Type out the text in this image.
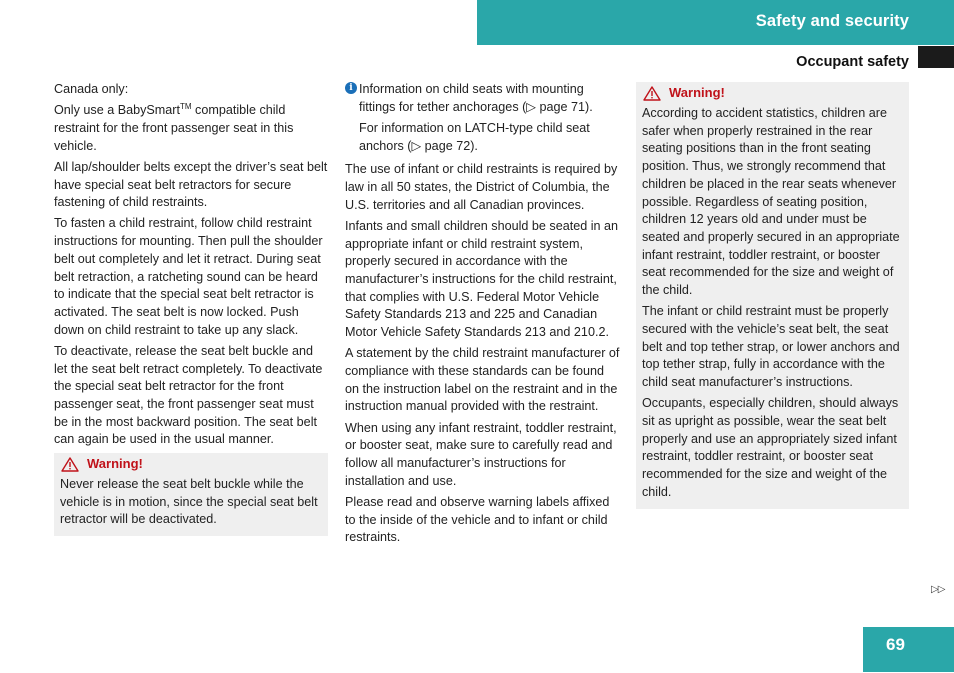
Safety and security
Occupant safety

Canada only:

Only use a BabySmart™ compatible child restraint for the front passenger seat in this vehicle.

All lap/shoulder belts except the driver’s seat belt have special seat belt retractors for secure fastening of child restraints.

To fasten a child restraint, follow child restraint instructions for mounting. Then pull the shoulder belt out completely and let it retract. During seat belt retraction, a ratcheting sound can be heard to indicate that the special seat belt retractor is activated. The seat belt is now locked. Push down on child restraint to take up any slack.

To deactivate, release the seat belt buckle and let the seat belt retract completely. To deactivate the special seat belt retractor for the front passenger seat, the front passenger seat must be in the most backward position. The seat belt can again be used in the usual manner.

Warning!

Never release the seat belt buckle while the vehicle is in motion, since the special seat belt retractor will be deactivated.

i Information on child seats with mounting fittings for tether anchorages (▷ page 71).

For information on LATCH-type child seat anchors (▷ page 72).

The use of infant or child restraints is required by law in all 50 states, the District of Columbia, the U.S. territories and all Canadian provinces.

Infants and small children should be seated in an appropriate infant or child restraint system, properly secured in accordance with the manufacturer’s instructions for the child restraint, that complies with U.S. Federal Motor Vehicle Safety Standards 213 and 225 and Canadian Motor Vehicle Safety Standards 213 and 210.2.

A statement by the child restraint manufacturer of compliance with these standards can be found on the instruction label on the restraint and in the instruction manual provided with the restraint.

When using any infant restraint, toddler restraint, or booster seat, make sure to carefully read and follow all manufacturer’s instructions for installation and use.

Please read and observe warning labels affixed to the inside of the vehicle and to infant or child restraints.

Warning!

According to accident statistics, children are safer when properly restrained in the rear seating positions than in the front seating position. Thus, we strongly recommend that children be placed in the rear seats whenever possible. Regardless of seating position, children 12 years old and under must be seated and properly secured in an appropriate infant restraint, toddler restraint, or booster seat recommended for the size and weight of the child.

The infant or child restraint must be properly secured with the vehicle’s seat belt, the seat belt and top tether strap, or lower anchors and top tether strap, fully in accordance with the child seat manufacturer’s instructions.

Occupants, especially children, should always sit as upright as possible, wear the seat belt properly and use an appropriately sized infant restraint, toddler restraint, or booster seat recommended for the size and weight of the child.

▷▷
69
